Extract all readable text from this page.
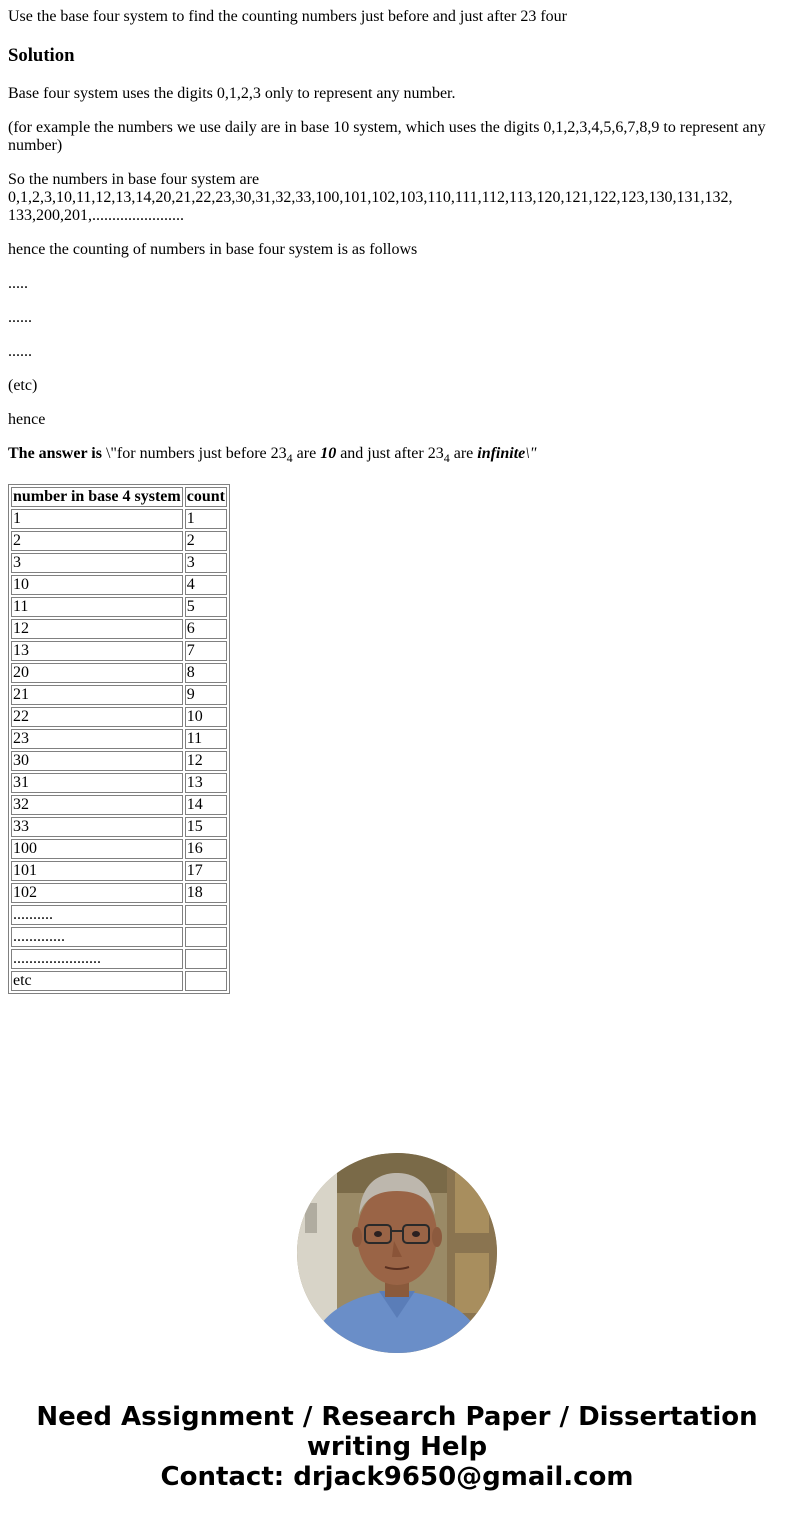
Use the base four system to find the counting numbers just before and just after 23 four

Solution

Base four system uses the digits 0,1,2,3 only to represent any number.

(for example the numbers we use daily are in base 10 system, which uses the digits 0,1,2,3,4,5,6,7,8,9 to represent any number)

So the numbers in base four system are
0,1,2,3,10,11,12,13,14,20,21,22,23,30,31,32,33,100,101,102,103,110,111,112,113,120,121,122,123,130,131,132, 133,200,201,.......................

hence the counting of numbers in base four system is as follows

.....

......

......

(etc)

hence

The answer is \"for numbers just before $23_4$ are 10 and just after $23_4$ are infinite\"

number in base 4 system	count
1	1
2	2
3	3
10	4
11	5
12	6
13	7
20	8
21	9
22	10
23	11
30	12
31	13
32	14
33	15
100	16
101	17
102	18
..........	
.............	
......................	
etc	
Need Assignment / Research Paper / Dissertation
writing Help
Contact: drjack9650@gmail.com
